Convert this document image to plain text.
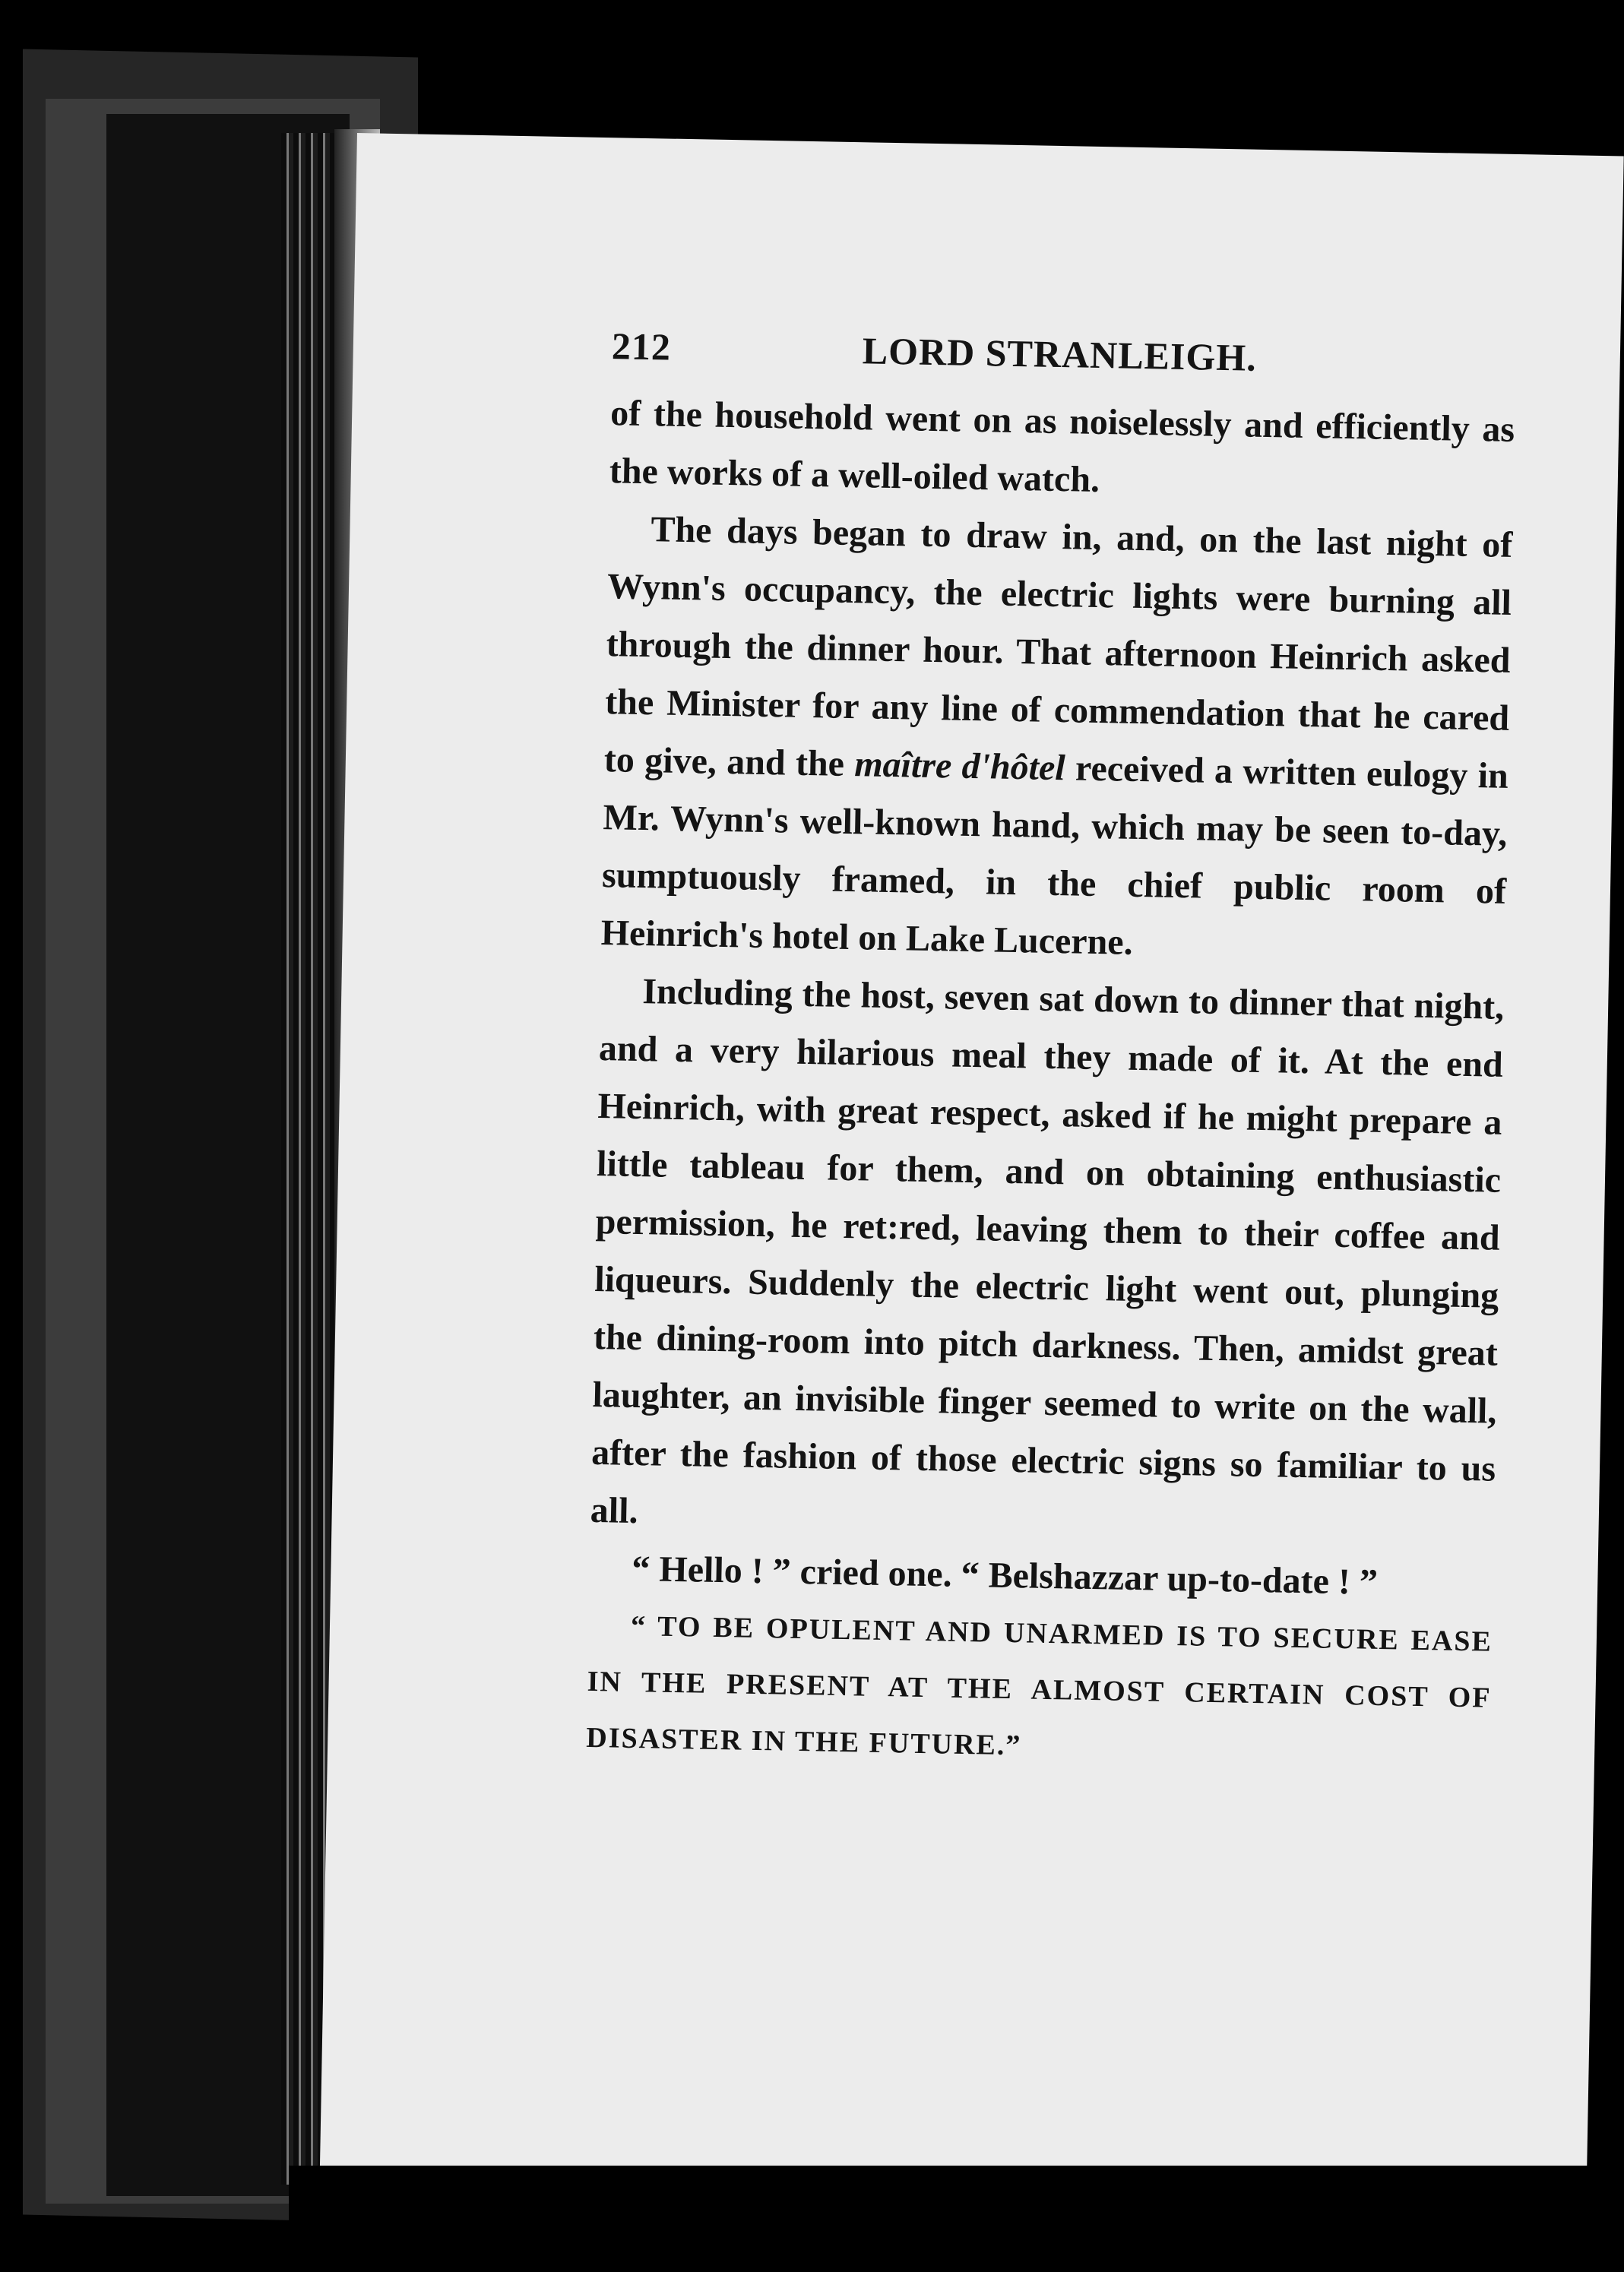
212	LORD STRANLEIGH.

of the household went on as noiselessly and efficiently as the works of a well-oiled watch.

The days began to draw in, and, on the last night of Wynn's occupancy, the electric lights were burning all through the dinner hour. That afternoon Heinrich asked the Minister for any line of commendation that he cared to give, and the maître d'hôtel received a written eulogy in Mr. Wynn's well-known hand, which may be seen to-day, sumptuously framed, in the chief public room of Heinrich's hotel on Lake Lucerne.

Including the host, seven sat down to dinner that night, and a very hilarious meal they made of it. At the end Heinrich, with great respect, asked if he might prepare a little tableau for them, and on obtaining enthusiastic permission, he ret:red, leaving them to their coffee and liqueurs. Suddenly the electric light went out, plunging the dining-room into pitch darkness. Then, amidst great laughter, an invisible finger seemed to write on the wall, after the fashion of those electric signs so familiar to us all.

“ Hello ! ” cried one. “ Belshazzar up-to-date ! ”

“ TO BE OPULENT AND UNARMED IS TO SECURE EASE IN THE PRESENT AT THE ALMOST CERTAIN COST OF DISASTER IN THE FUTURE.”
